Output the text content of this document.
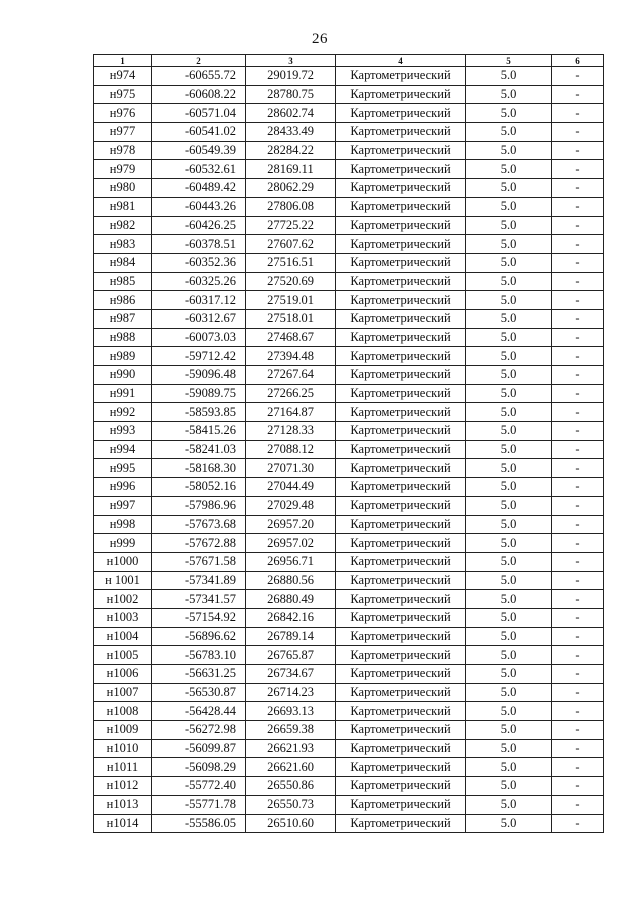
26
1	2	3	4	5	6
н974	-60655.72	29019.72	Картометрический	5.0	-
н975	-60608.22	28780.75	Картометрический	5.0	-
н976	-60571.04	28602.74	Картометрический	5.0	-
н977	-60541.02	28433.49	Картометрический	5.0	-
н978	-60549.39	28284.22	Картометрический	5.0	-
н979	-60532.61	28169.11	Картометрический	5.0	-
н980	-60489.42	28062.29	Картометрический	5.0	-
н981	-60443.26	27806.08	Картометрический	5.0	-
н982	-60426.25	27725.22	Картометрический	5.0	-
н983	-60378.51	27607.62	Картометрический	5.0	-
н984	-60352.36	27516.51	Картометрический	5.0	-
н985	-60325.26	27520.69	Картометрический	5.0	-
н986	-60317.12	27519.01	Картометрический	5.0	-
н987	-60312.67	27518.01	Картометрический	5.0	-
н988	-60073.03	27468.67	Картометрический	5.0	-
н989	-59712.42	27394.48	Картометрический	5.0	-
н990	-59096.48	27267.64	Картометрический	5.0	-
н991	-59089.75	27266.25	Картометрический	5.0	-
н992	-58593.85	27164.87	Картометрический	5.0	-
н993	-58415.26	27128.33	Картометрический	5.0	-
н994	-58241.03	27088.12	Картометрический	5.0	-
н995	-58168.30	27071.30	Картометрический	5.0	-
н996	-58052.16	27044.49	Картометрический	5.0	-
н997	-57986.96	27029.48	Картометрический	5.0	-
н998	-57673.68	26957.20	Картометрический	5.0	-
н999	-57672.88	26957.02	Картометрический	5.0	-
н1000	-57671.58	26956.71	Картометрический	5.0	-
н 1001	-57341.89	26880.56	Картометрический	5.0	-
н1002	-57341.57	26880.49	Картометрический	5.0	-
н1003	-57154.92	26842.16	Картометрический	5.0	-
н1004	-56896.62	26789.14	Картометрический	5.0	-
н1005	-56783.10	26765.87	Картометрический	5.0	-
н1006	-56631.25	26734.67	Картометрический	5.0	-
н1007	-56530.87	26714.23	Картометрический	5.0	-
н1008	-56428.44	26693.13	Картометрический	5.0	-
н1009	-56272.98	26659.38	Картометрический	5.0	-
н1010	-56099.87	26621.93	Картометрический	5.0	-
н1011	-56098.29	26621.60	Картометрический	5.0	-
н1012	-55772.40	26550.86	Картометрический	5.0	-
н1013	-55771.78	26550.73	Картометрический	5.0	-
н1014	-55586.05	26510.60	Картометрический	5.0	-
